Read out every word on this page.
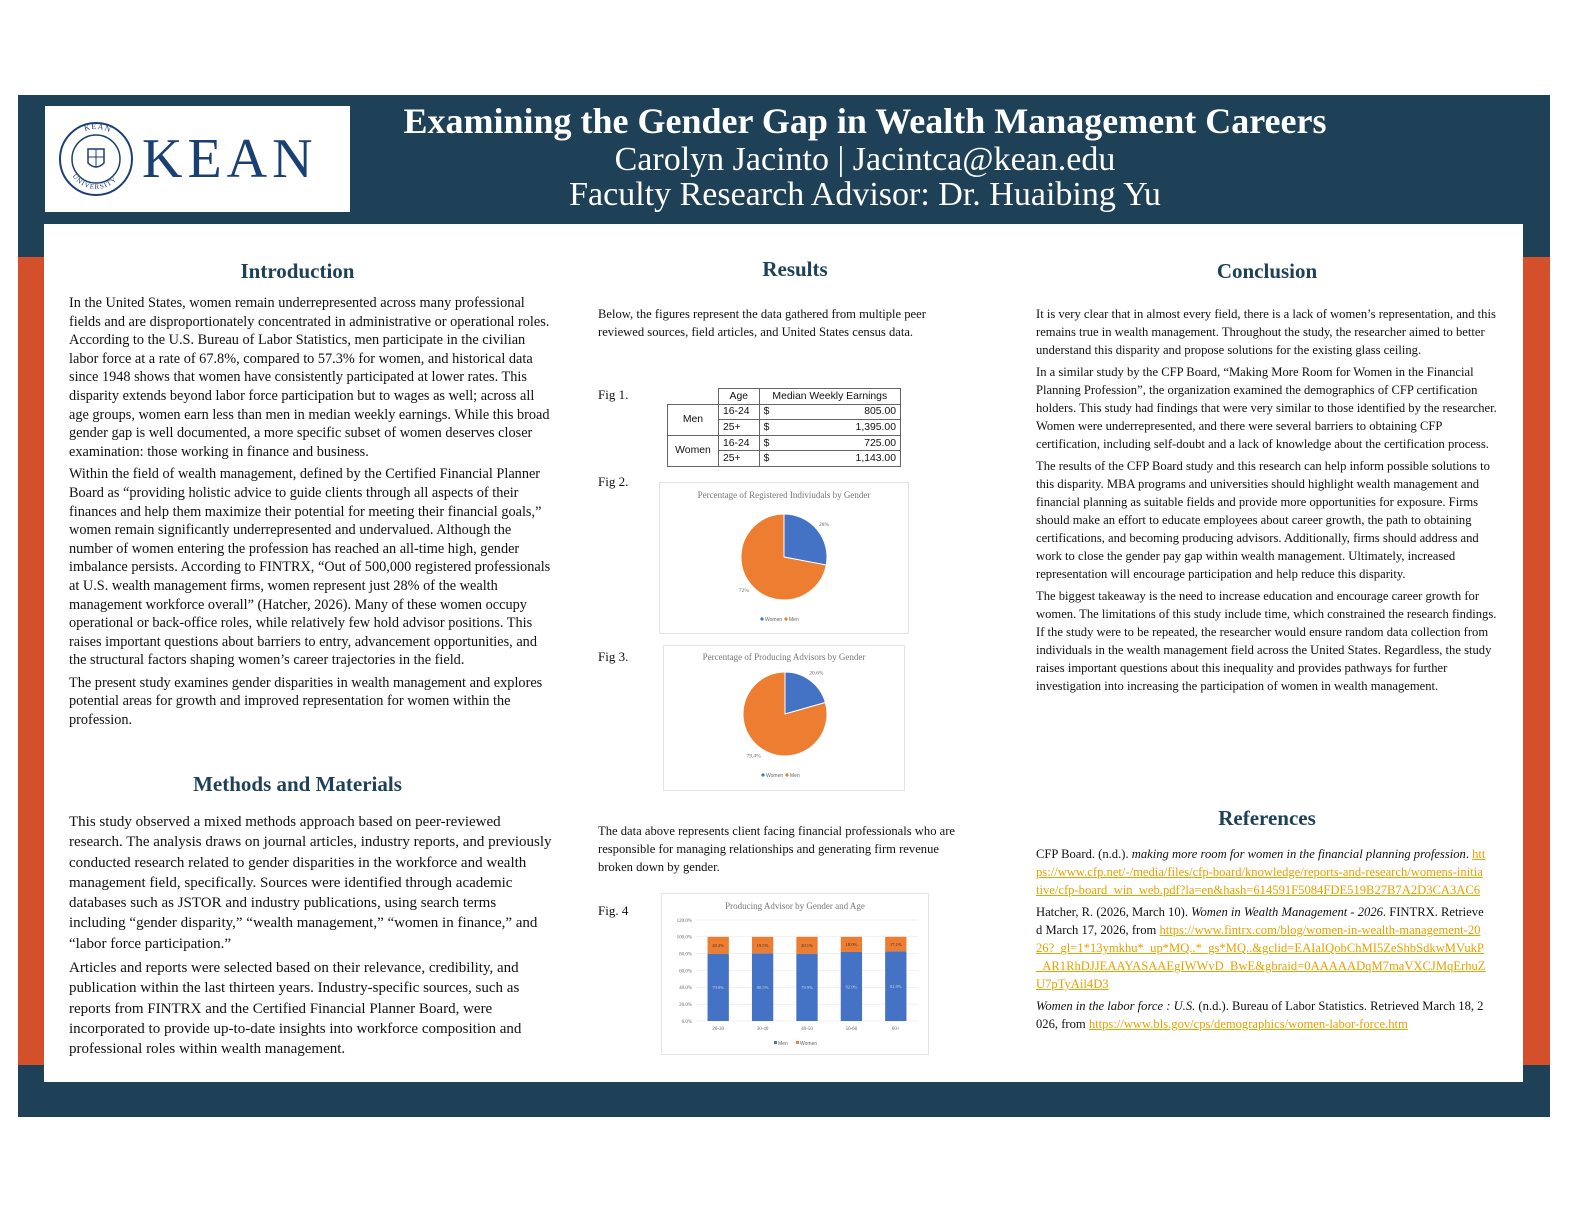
KEAN
UNIVERSITY KEAN
Examining the Gender Gap in Wealth Management Careers
Carolyn Jacinto | Jacintca@kean.edu
Faculty Research Advisor: Dr. Huaibing Yu
Introduction

In the United States, women remain underrepresented across many professional fields and are disproportionately concentrated in administrative or operational roles. According to the U.S. Bureau of Labor Statistics, men participate in the civilian labor force at a rate of 67.8%, compared to 57.3% for women, and historical data since 1948 shows that women have consistently participated at lower rates. This disparity extends beyond labor force participation but to wages as well; across all age groups, women earn less than men in median weekly earnings. While this broad gender gap is well documented, a more specific subset of women deserves closer examination: those working in finance and business.

Within the field of wealth management, defined by the Certified Financial Planner Board as “providing holistic advice to guide clients through all aspects of their finances and help them maximize their potential for meeting their financial goals,” women remain significantly underrepresented and undervalued. Although the number of women entering the profession has reached an all-time high, gender imbalance persists. According to FINTRX, “Out of 500,000 registered professionals at U.S. wealth management firms, women represent just 28% of the wealth management workforce overall” (Hatcher, 2026). Many of these women occupy operational or back-office roles, while relatively few hold advisor positions. This raises important questions about barriers to entry, advancement opportunities, and the structural factors shaping women’s career trajectories in the field.

The present study examines gender disparities in wealth management and explores potential areas for growth and improved representation for women within the profession.

Methods and Materials

This study observed a mixed methods approach based on peer-reviewed research. The analysis draws on journal articles, industry reports, and previously conducted research related to gender disparities in the workforce and wealth management field, specifically. Sources were identified through academic databases such as JSTOR and industry publications, using search terms including “gender disparity,” “wealth management,” “women in finance,” and “labor force participation.”

Articles and reports were selected based on their relevance, credibility, and publication within the last thirteen years. Industry-specific sources, such as reports from FINTRX and the Certified Financial Planner Board, were incorporated to provide up-to-date insights into workforce composition and professional roles within wealth management.

Results
Below, the figures represent the data gathered from multiple peer reviewed sources, field articles, and United States census data.
Fig 1.
		Age	Median Weekly Earnings	
Men	16-24	$	805.00
	25+	$	1,395.00
Women	16-24	$	725.00
	25+	$	1,143.00
Fig 2.
Percentage of Registered Indiviudals by Gender
28%
72%
Women Men
Fig 3.	Percentage of Producing Advisors by Gender
20.6%
79.4%
Women Men
The data above represents client facing financial professionals who are responsible for managing relationships and generating firm revenue broken down by gender.
Fig. 4	Producing Advisor by Gender and Age
0.0%
20.0%
40.0%
60.0%
80.0%
100.0%
120.0%
79.8%
20.2%
20-30
80.5%
19.5%
30-40
79.9%
20.1%
40-50
82.0%
18.0%
50-60
82.9%
17.1%
60+
Men Women
Conclusion

It is very clear that in almost every field, there is a lack of women’s representation, and this remains true in wealth management. Throughout the study, the researcher aimed to better understand this disparity and propose solutions for the existing glass ceiling.

In a similar study by the CFP Board, “Making More Room for Women in the Financial Planning Profession”, the organization examined the demographics of CFP certification holders. This study had findings that were very similar to those identified by the researcher. Women were underrepresented, and there were several barriers to obtaining CFP certification, including self-doubt and a lack of knowledge about the certification process.

The results of the CFP Board study and this research can help inform possible solutions to this disparity. MBA programs and universities should highlight wealth management and financial planning as suitable fields and provide more opportunities for exposure. Firms should make an effort to educate employees about career growth, the path to obtaining certifications, and becoming producing advisors. Additionally, firms should address and work to close the gender pay gap within wealth management. Ultimately, increased representation will encourage participation and help reduce this disparity.

The biggest takeaway is the need to increase education and encourage career growth for women. The limitations of this study include time, which constrained the research findings. If the study were to be repeated, the researcher would ensure random data collection from individuals in the wealth management field across the United States. Regardless, the study raises important questions about this inequality and provides pathways for further investigation into increasing the participation of women in wealth management.

References

CFP Board. (n.d.). making more room for women in the financial planning profession. https://www.cfp.net/-/media/files/cfp-board/knowledge/reports-and-research/womens-initiative/cfp-board_win_web.pdf?la=en&hash=614591F5084FDE519B27B7A2D3CA3AC6

Hatcher, R. (2026, March 10). Women in Wealth Management - 2026. FINTRX. Retrieved March 17, 2026, from https://www.fintrx.com/blog/women-in-wealth-management-2026?_gl=1*13ymkhu*_up*MQ..*_gs*MQ..&gclid=EAIaIQobChMI5ZeShbSdkwMVukP_AR1RhDJJEAAYASAAEgIWWvD_BwE&gbraid=0AAAAADqM7maVXCJMqErhuZU7pTyAil4D3

Women in the labor force : U.S. (n.d.). Bureau of Labor Statistics. Retrieved March 18, 2026, from https://www.bls.gov/cps/demographics/women-labor-force.htm
